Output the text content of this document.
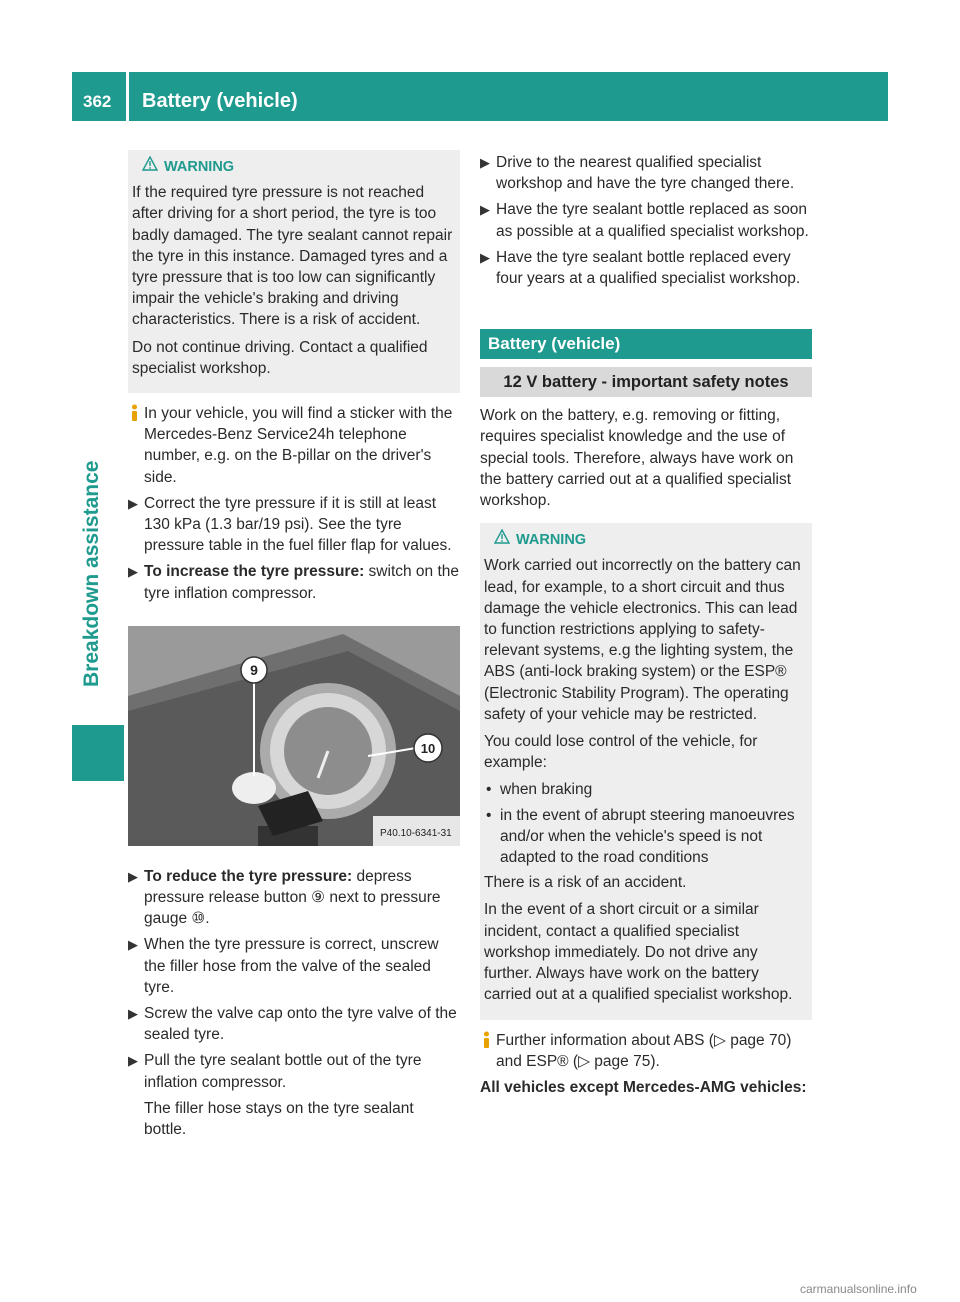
362	Battery (vehicle)
Breakdown assistance
WARNING

If the required tyre pressure is not reached after driving for a short period, the tyre is too badly damaged. The tyre sealant cannot repair the tyre in this instance. Damaged tyres and a tyre pressure that is too low can significantly impair the vehicle's braking and driving characteristics. There is a risk of accident.

Do not continue driving. Contact a qualified specialist workshop.

In your vehicle, you will find a sticker with the Mercedes-Benz Service24h telephone number, e.g. on the B-pillar on the driver's side.
▶ Correct the tyre pressure if it is still at least 130 kPa (1.3 bar/19 psi). See the tyre pressure table in the fuel filler flap for values.
▶ To increase the tyre pressure: switch on the tyre inflation compressor.
9
10
P40.10-6341-31
▶ To reduce the tyre pressure: depress pressure release button ⑨ next to pressure gauge ⑩.
▶ When the tyre pressure is correct, unscrew the filler hose from the valve of the sealed tyre.
▶ Screw the valve cap onto the tyre valve of the sealed tyre.
▶ Pull the tyre sealant bottle out of the tyre inflation compressor.
The filler hose stays on the tyre sealant bottle.
▶ Drive to the nearest qualified specialist workshop and have the tyre changed there.
▶ Have the tyre sealant bottle replaced as soon as possible at a qualified specialist workshop.
▶ Have the tyre sealant bottle replaced every four years at a qualified specialist workshop.
Battery (vehicle)
12 V battery - important safety notes

Work on the battery, e.g. removing or fitting, requires specialist knowledge and the use of special tools. Therefore, always have work on the battery carried out at a qualified specialist workshop.

WARNING

Work carried out incorrectly on the battery can lead, for example, to a short circuit and thus damage the vehicle electronics. This can lead to function restrictions applying to safety-relevant systems, e.g the lighting system, the ABS (anti-lock braking system) or the ESP® (Electronic Stability Program). The operating safety of your vehicle may be restricted.

You could lose control of the vehicle, for example:

• when braking
• in the event of abrupt steering manoeuvres and/or when the vehicle's speed is not adapted to the road conditions

There is a risk of an accident.

In the event of a short circuit or a similar incident, contact a qualified specialist workshop immediately. Do not drive any further. Always have work on the battery carried out at a qualified specialist workshop.

Further information about ABS (▷ page 70) and ESP® (▷ page 75).

All vehicles except Mercedes-AMG vehicles:

carmanualsonline.info
